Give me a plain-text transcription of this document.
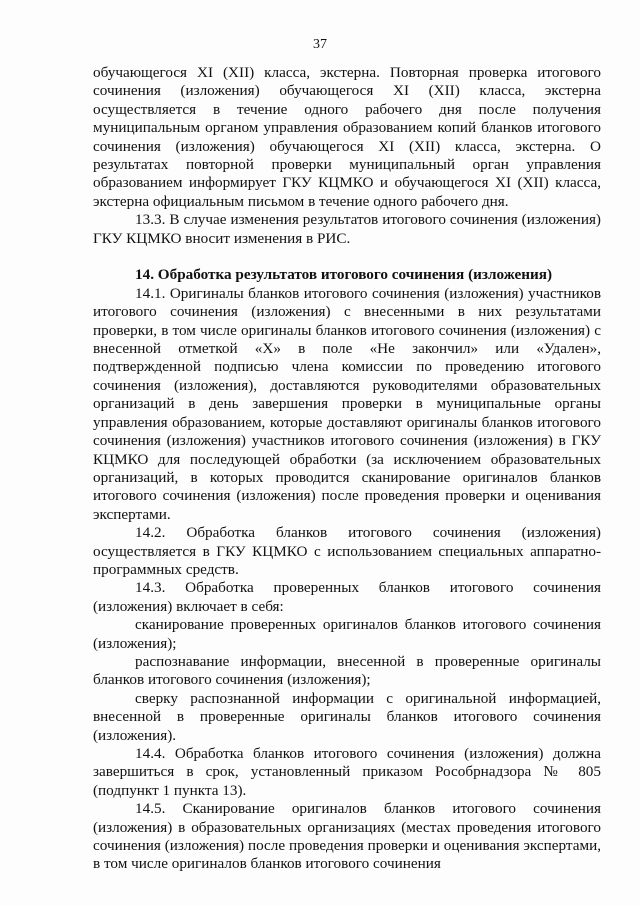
37

обучающегося XI (XII) класса, экстерна. Повторная проверка итогового сочинения (изложения) обучающегося XI (XII) класса, экстерна осуществляется в течение одного рабочего дня после получения муниципальным органом управления образованием копий бланков итогового сочинения (изложения) обучающегося XI (XII) класса, экстерна. О результатах повторной проверки муниципальный орган управления образованием информирует ГКУ КЦМКО и обучающегося XI (XII) класса, экстерна официальным письмом в течение одного рабочего дня.

13.3. В случае изменения результатов итогового сочинения (изложения) ГКУ КЦМКО вносит изменения в РИС.

14. Обработка результатов итогового сочинения (изложения)

14.1. Оригиналы бланков итогового сочинения (изложения) участников итогового сочинения (изложения) с внесенными в них результатами проверки, в том числе оригиналы бланков итогового сочинения (изложения) с внесенной отметкой «X» в поле «Не закончил» или «Удален», подтвержденной подписью члена комиссии по проведению итогового сочинения (изложения), доставляются руководителями образовательных организаций в день завершения проверки в муниципальные органы управления образованием, которые доставляют оригиналы бланков итогового сочинения (изложения) участников итогового сочинения (изложения) в ГКУ КЦМКО для последующей обработки (за исключением образовательных организаций, в которых проводится сканирование оригиналов бланков итогового сочинения (изложения) после проведения проверки и оценивания экспертами.

14.2. Обработка бланков итогового сочинения (изложения) осуществляется в ГКУ КЦМКО с использованием специальных аппаратно-программных средств.

14.3. Обработка проверенных бланков итогового сочинения (изложения) включает в себя:

сканирование проверенных оригиналов бланков итогового сочинения (изложения);

распознавание информации, внесенной в проверенные оригиналы бланков итогового сочинения (изложения);

сверку распознанной информации с оригинальной информацией, внесенной в проверенные оригиналы бланков итогового сочинения (изложения).

14.4. Обработка бланков итогового сочинения (изложения) должна завершиться в срок, установленный приказом Рособрнадзора № 805 (подпункт 1 пункта 13).

14.5. Сканирование оригиналов бланков итогового сочинения (изложения) в образовательных организациях (местах проведения итогового сочинения (изложения) после проведения проверки и оценивания экспертами, в том числе оригиналов бланков итогового сочинения
